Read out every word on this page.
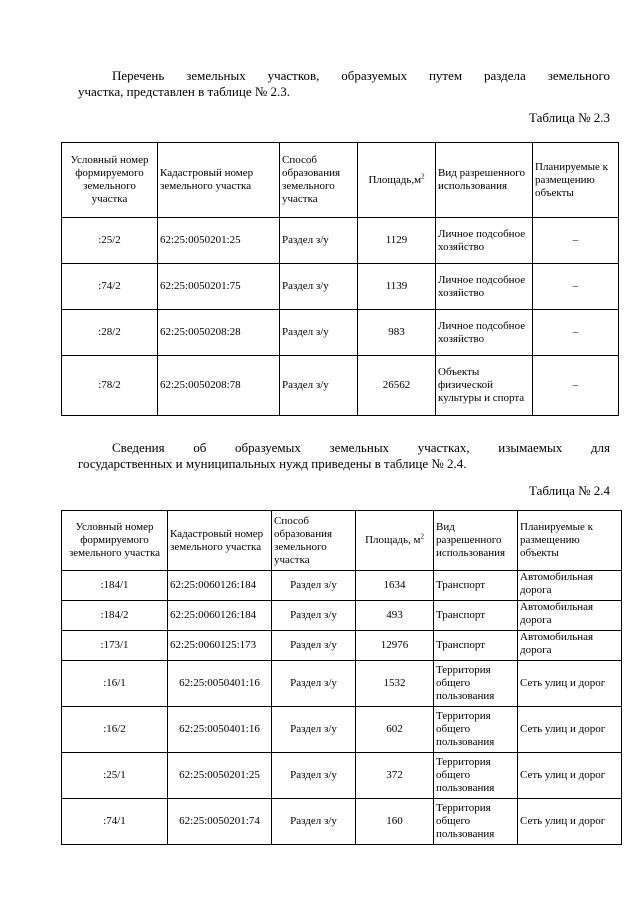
Перечень земельных участков, образуемых путем раздела земельного
участка, представлен в таблице № 2.3.
Таблица № 2.3
Условный номер формируемого земельного участка	Кадастровый номер земельного участка	Способ образования земельного участка	$Площадь,м^2$	Вид разрешенного использования	Планируемые к размещению объекты
:25/2	62:25:0050201:25	Раздел з/у	1129	Личное подсобное хозяйство	–
:74/2	62:25:0050201:75	Раздел з/у	1139	Личное подсобное хозяйство	–
:28/2	62:25:0050208:28	Раздел з/у	983	Личное подсобное хозяйство	–
:78/2	62:25:0050208:78	Раздел з/у	26562	Объекты физической культуры и спорта	–
Сведения об образуемых земельных участках, изымаемых для
государственных и муниципальных нужд приведены в таблице № 2.4.
Таблица № 2.4
Условный номер формируемого земельного участка	Кадастровый номер земельного участка	Способ образования земельного участка	Площадь, $м^2$	Вид разрешенного использования	Планируемые к размещению объекты
:184/1	62:25:0060126:184	Раздел з/у	1634	Транспорт	Автомобильная дорога
:184/2	62:25:0060126:184	Раздел з/у	493	Транспорт	Автомобильная дорога
:173/1	62:25:0060125:173	Раздел з/у	12976	Транспорт	Автомобильная дорога
:16/1	62:25:0050401:16	Раздел з/у	1532	Территория общего пользования	Сеть улиц и дорог
:16/2	62:25:0050401:16	Раздел з/у	602	Территория общего пользования	Сеть улиц и дорог
:25/1	62:25:0050201:25	Раздел з/у	372	Территория общего пользования	Сеть улиц и дорог
:74/1	62:25:0050201:74	Раздел з/у	160	Территория общего пользования	Сеть улиц и дорог
